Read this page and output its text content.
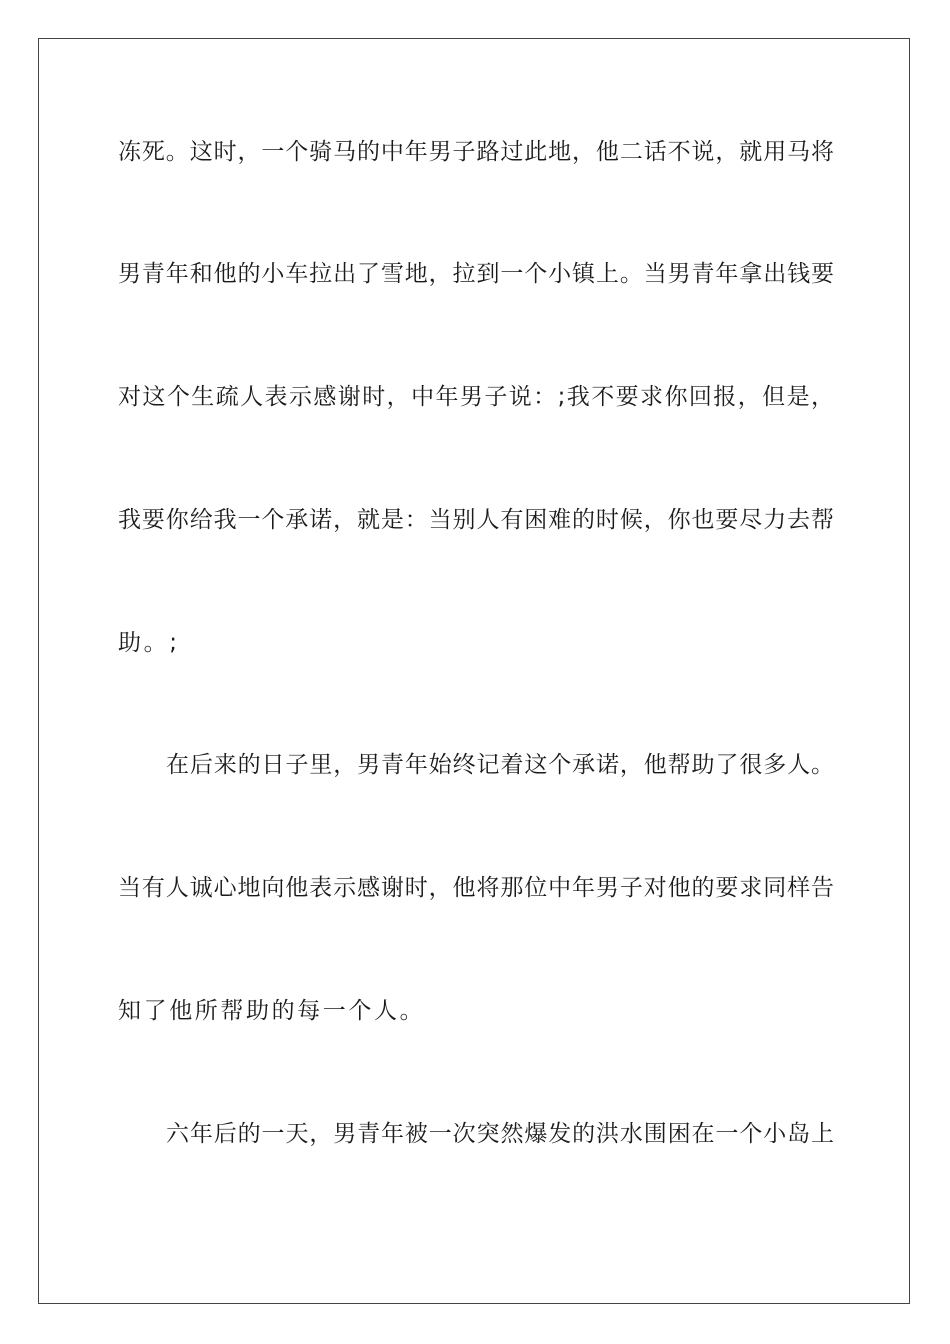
冻死。这时，一个骑马的中年男子路过此地，他二话不说，就用马将
男青年和他的小车拉出了雪地，拉到一个小镇上。当男青年拿出钱要
对这个生疏人表示感谢时，中年男子说：;我不要求你回报，但是，
我要你给我一个承诺，就是：当别人有困难的时候，你也要尽力去帮
助。;
在后来的日子里，男青年始终记着这个承诺，他帮助了很多人。
当有人诚心地向他表示感谢时，他将那位中年男子对他的要求同样告
知了他所帮助的每一个人。
六年后的一天，男青年被一次突然爆发的洪水围困在一个小岛上
